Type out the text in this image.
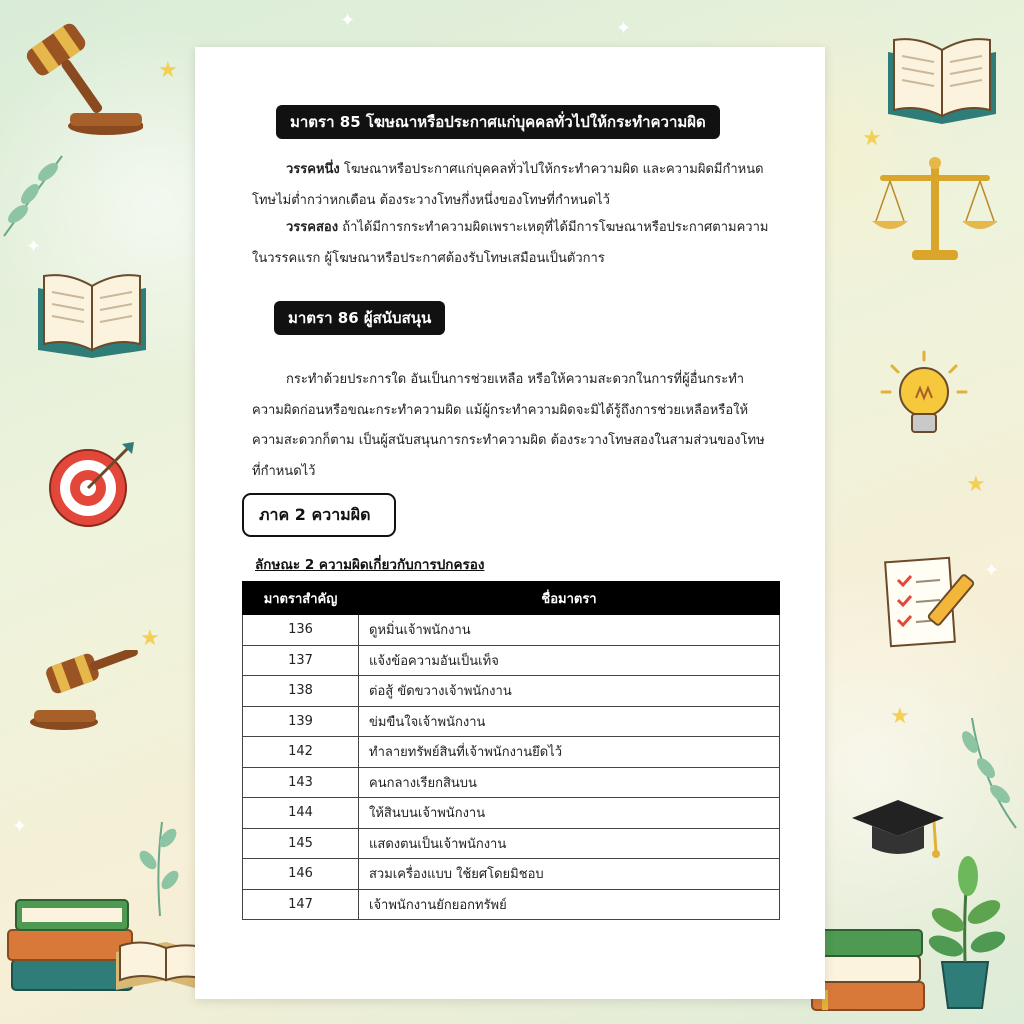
★
★
★
★
★
✦	✦
✦
✦
✦
มาตรา 85 โฆษณาหรือประกาศแก่บุคคลทั่วไปให้กระทำความผิด

วรรคหนึ่ง โฆษณาหรือประกาศแก่บุคคลทั่วไปให้กระทำความผิด และความผิดมีกำหนดโทษไม่ต่ำกว่าหกเดือน ต้องระวางโทษกึ่งหนึ่งของโทษที่กำหนดไว้

วรรคสอง ถ้าได้มีการกระทำความผิดเพราะเหตุที่ได้มีการโฆษณาหรือประกาศตามความในวรรคแรก ผู้โฆษณาหรือประกาศต้องรับโทษเสมือนเป็นตัวการ

มาตรา 86 ผู้สนับสนุน

กระทำด้วยประการใด อันเป็นการช่วยเหลือ หรือให้ความสะดวกในการที่ผู้อื่นกระทำความผิดก่อนหรือขณะกระทำความผิด แม้ผู้กระทำความผิดจะมิได้รู้ถึงการช่วยเหลือหรือให้ความสะดวกก็ตาม เป็นผู้สนับสนุนการกระทำความผิด ต้องระวางโทษสองในสามส่วนของโทษที่กำหนดไว้

ภาค 2 ความผิด
ลักษณะ 2 ความผิดเกี่ยวกับการปกครอง
มาตราสำคัญ	ชื่อมาตรา
136	ดูหมิ่นเจ้าพนักงาน
137	แจ้งข้อความอันเป็นเท็จ
138	ต่อสู้ ขัดขวางเจ้าพนักงาน
139	ข่มขืนใจเจ้าพนักงาน
142	ทำลายทรัพย์สินที่เจ้าพนักงานยึดไว้
143	คนกลางเรียกสินบน
144	ให้สินบนเจ้าพนักงาน
145	แสดงตนเป็นเจ้าพนักงาน
146	สวมเครื่องแบบ ใช้ยศโดยมิชอบ
147	เจ้าพนักงานยักยอกทรัพย์
